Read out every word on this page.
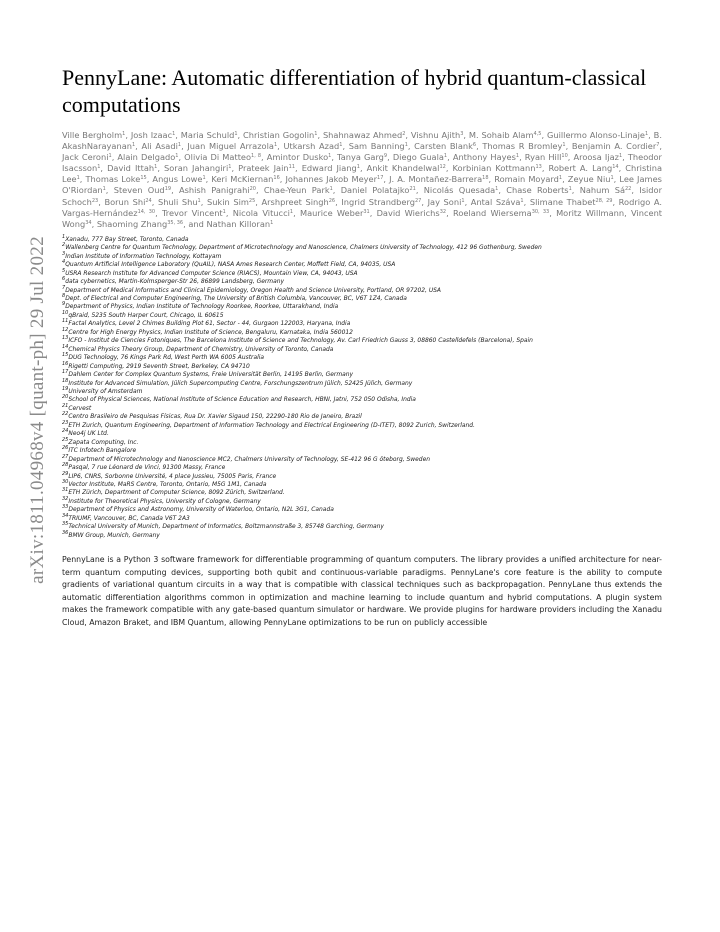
arXiv:1811.04968v4 [quant-ph] 29 Jul 2022
PennyLane: Automatic differentiation of hybrid quantum-classical computations

Ville Bergholm$^1$, Josh Izaac$^1$, Maria Schuld$^1$, Christian Gogolin$^1$, Shahnawaz Ahmed$^2$, Vishnu Ajith$^3$, M. Sohaib Alam$^{4,5}$, Guillermo Alonso-Linaje$^1$, B. AkashNarayanan$^1$, Ali Asadi$^1$, Juan Miguel Arrazola$^1$, Utkarsh Azad$^1$, Sam Banning$^1$, Carsten Blank$^6$, Thomas R Bromley$^1$, Benjamin A. Cordier$^7$, Jack Ceroni$^1$, Alain Delgado$^1$, Olivia Di Matteo$^{1, 8}$, Amintor Dusko$^1$, Tanya Garg$^9$, Diego Guala$^1$, Anthony Hayes$^1$, Ryan Hill$^{10}$, Aroosa Ijaz$^1$, Theodor Isacsson$^1$, David Ittah$^1$, Soran Jahangiri$^1$, Prateek Jain$^{11}$, Edward Jiang$^1$, Ankit Khandelwal$^{12}$, Korbinian Kottmann$^{13}$, Robert A. Lang$^{14}$, Christina Lee$^1$, Thomas Loke$^{15}$, Angus Lowe$^1$, Keri McKiernan$^{16}$, Johannes Jakob Meyer$^{17}$, J. A. Montañez-Barrera$^{18}$, Romain Moyard$^1$, Zeyue Niu$^1$, Lee James O'Riordan$^1$, Steven Oud$^{19}$, Ashish Panigrahi$^{20}$, Chae-Yeun Park$^1$, Daniel Polatajko$^{21}$, Nicolás Quesada$^1$, Chase Roberts$^1$, Nahum $Sá^{22}$, Isidor Schoch$^{23}$, Borun Shi$^{24}$, Shuli Shu$^1$, Sukin Sim$^{25}$, Arshpreet Singh$^{26}$, Ingrid Strandberg$^{27}$, Jay Soni$^1$, Antal Száva$^1$, Slimane Thabet$^{28, 29}$, Rodrigo A. Vargas-Hernández$^{14, 30}$, Trevor Vincent$^1$, Nicola Vitucci$^1$, Maurice Weber$^{31}$, David Wierichs$^{32}$, Roeland Wiersema$^{30, 33}$, Moritz Willmann, Vincent Wong$^{34}$, Shaoming Zhang$^{35, 36}$, and Nathan Killoran$^1$

$^1$Xanadu, 777 Bay Street, Toronto, Canada
$^2$Wallenberg Centre for Quantum Technology, Department of Microtechnology and Nanoscience, Chalmers University of Technology, 412 96 Gothenburg, Sweden
$^3$Indian Institute of Information Technology, Kottayam
$^4$Quantum Artificial Intelligence Laboratory (QuAIL), NASA Ames Research Center, Moffett Field, CA, 94035, USA
$^5$USRA Research Institute for Advanced Computer Science (RIACS), Mountain View, CA, 94043, USA
$^6$data cybernetics, Martin-Kolmsperger-Str 26, 86899 Landsberg, Germany
$^7$Department of Medical Informatics and Clinical Epidemiology, Oregon Health and Science University, Portland, OR 97202, USA
$^8$Dept. of Electrical and Computer Engineering, The University of British Columbia, Vancouver, BC, V6T 1Z4, Canada
$^9$Department of Physics, Indian Institute of Technology Roorkee, Roorkee, Uttarakhand, India
$^{10}$qBraid, 5235 South Harper Court, Chicago, IL 60615
$^{11}$Factal Analytics, Level 2 Chimes Building Plot 61, Sector - 44, Gurgaon 122003, Haryana, India
$^{12}$Centre for High Energy Physics, Indian Institute of Science, Bengaluru, Karnataka, India 560012
$^{13}$ICFO - Institut de Ciencies Fotoniques, The Barcelona Institute of Science and Technology, Av. Carl Friedrich Gauss 3, 08860 Castelldefels (Barcelona), Spain
$^{14}$Chemical Physics Theory Group, Department of Chemistry, University of Toronto, Canada
$^{15}$DUG Technology, 76 Kings Park Rd, West Perth WA 6005 Australia
$^{16}$Rigetti Computing, 2919 Seventh Street, Berkeley, CA 94710
$^{17}$Dahlem Center for Complex Quantum Systems, Freie Universität Berlin, 14195 Berlin, Germany
$^{18}$Institute for Advanced Simulation, Jülich Supercomputing Centre, Forschungszentrum Jülich, 52425 Jülich, Germany
$^{19}$University of Amsterdam
$^{20}$School of Physical Sciences, National Institute of Science Education and Research, HBNI, Jatni, 752 050 Odisha, India
$^{21}$Cervest
$^{22}$Centro Brasileiro de Pesquisas Físicas, Rua Dr. Xavier Sigaud 150, 22290-180 Rio de Janeiro, Brazil
$^{23}$ETH Zurich, Quantum Engineering, Department of Information Technology and Electrical Engineering (D-ITET), 8092 Zurich, Switzerland.
$^{24}$Neo4j UK Ltd.
$^{25}$Zapata Computing, Inc.
$^{26}$ITC Infotech Bangalore
$^{27}$Department of Microtechnology and Nanoscience MC2, Chalmers University of Technology, SE-412 96 G öteborg, Sweden
$^{28}$Pasqal, 7 rue Léonard de Vinci, 91300 Massy, France
$^{29}$LIP6, CNRS, Sorbonne Université, 4 place Jussieu, 75005 Paris, France
$^{30}$Vector Institute, MaRS Centre, Toronto, Ontario, M5G 1M1, Canada
$^{31}$ETH Zürich, Department of Computer Science, 8092 Zürich, Switzerland.
$^{32}$Institute for Theoretical Physics, University of Cologne, Germany
$^{33}$Department of Physics and Astronomy, University of Waterloo, Ontario, N2L 3G1, Canada
$^{34}$TRIUMF, Vancouver, BC, Canada V6T 2A3
$^{35}$Technical University of Munich, Department of Informatics, Boltzmannstraße 3, 85748 Garching, Germany
$^{36}$BMW Group, Munich, Germany

PennyLane is a Python 3 software framework for differentiable programming of quantum computers. The library provides a unified architecture for near-term quantum computing devices, supporting both qubit and continuous-variable paradigms. PennyLane's core feature is the ability to compute gradients of variational quantum circuits in a way that is compatible with classical techniques such as backpropagation. PennyLane thus extends the automatic differentiation algorithms common in optimization and machine learning to include quantum and hybrid computations. A plugin system makes the framework compatible with any gate-based quantum simulator or hardware. We provide plugins for hardware providers including the Xanadu Cloud, Amazon Braket, and IBM Quantum, allowing PennyLane optimizations to be run on publicly accessible
